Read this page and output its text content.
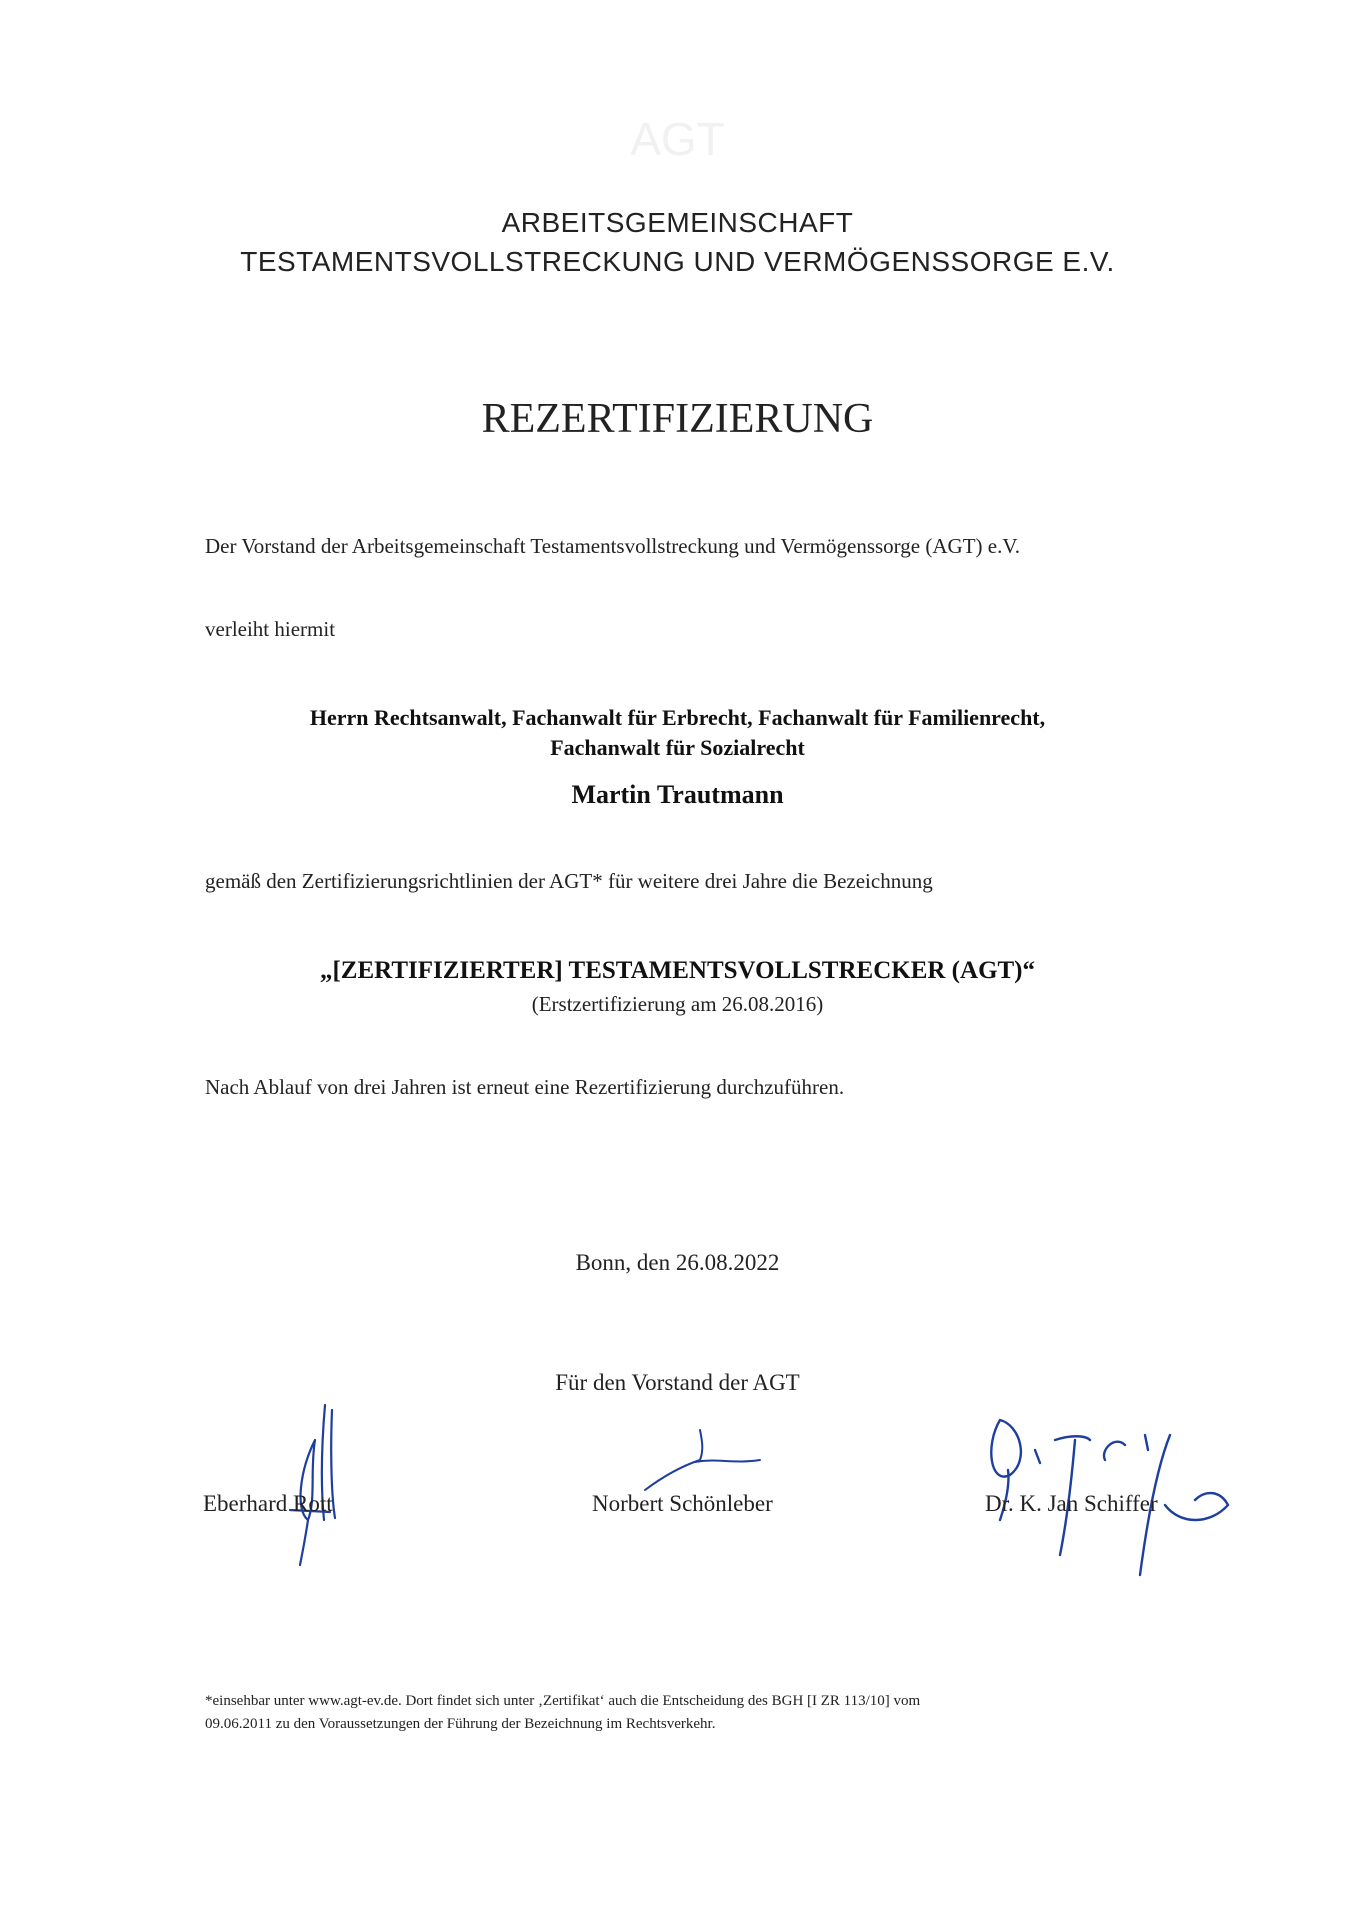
AGT
ARBEITSGEMEINSCHAFT
TESTAMENTSVOLLSTRECKUNG UND VERMÖGENSSORGE E.V.
REZERTIFIZIERUNG
Der Vorstand der Arbeitsgemeinschaft Testamentsvollstreckung und Vermögenssorge (AGT) e.V.
verleiht hiermit
Herrn Rechtsanwalt, Fachanwalt für Erbrecht, Fachanwalt für Familienrecht,
Fachanwalt für Sozialrecht
Martin Trautmann
gemäß den Zertifizierungsrichtlinien der AGT* für weitere drei Jahre die Bezeichnung
„[ZERTIFIZIERTER] TESTAMENTSVOLLSTRECKER (AGT)“
(Erstzertifizierung am 26.08.2016)
Nach Ablauf von drei Jahren ist erneut eine Rezertifizierung durchzuführen.
Bonn, den 26.08.2022
Für den Vorstand der AGT
Eberhard Rott	Norbert Schönleber	Dr. K. Jan Schiffer
*einsehbar unter www.agt-ev.de. Dort findet sich unter ‚Zertifikat‘ auch die Entscheidung des BGH [I ZR 113/10] vom
09.06.2011 zu den Voraussetzungen der Führung der Bezeichnung im Rechtsverkehr.
